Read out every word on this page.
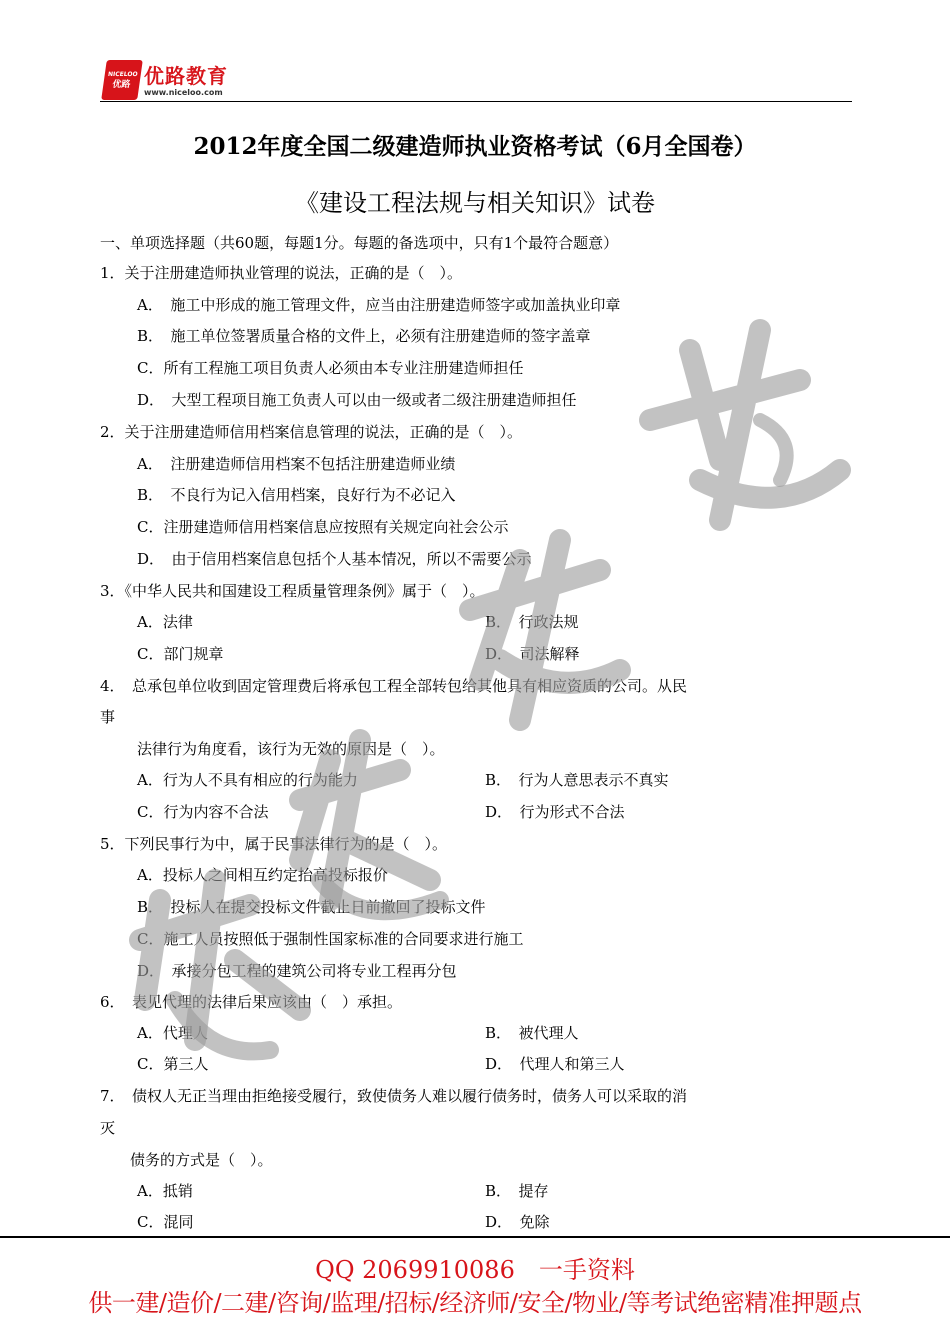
NICELOO
优路 优路教育
www.niceloo.com
2012年度全国二级建造师执业资格考试（6月全国卷）
《建设工程法规与相关知识》试卷
一、单项选择题（共60题，每题1分。每题的备选项中，只有1个最符合题意）
1．关于注册建造师执业管理的说法，正确的是（　）。
A．　施工中形成的施工管理文件，应当由注册建造师签字或加盖执业印章
B．　施工单位签署质量合格的文件上，必须有注册建造师的签字盖章
C．所有工程施工项目负责人必须由本专业注册建造师担任
D．　大型工程项目施工负责人可以由一级或者二级注册建造师担任
2．关于注册建造师信用档案信息管理的说法，正确的是（　）。
A．　注册建造师信用档案不包括注册建造师业绩
B．　不良行为记入信用档案，良好行为不必记入
C．注册建造师信用档案信息应按照有关规定向社会公示
D．　由于信用档案信息包括个人基本情况，所以不需要公示
3．《中华人民共和国建设工程质量管理条例》属于（　）。
A．法律	B．　行政法规
C．部门规章	D．　司法解释
4．　总承包单位收到固定管理费后将承包工程全部转包给其他具有相应资质的公司。从民
事
法律行为角度看，该行为无效的原因是（　）。
A．行为人不具有相应的行为能力	B．　行为人意思表示不真实
C．行为内容不合法	D．　行为形式不合法
5．下列民事行为中，属于民事法律行为的是（　）。
A．投标人之间相互约定抬高投标报价
B．　投标人在提交投标文件截止日前撤回了投标文件
C．施工人员按照低于强制性国家标准的合同要求进行施工
D．　承接分包工程的建筑公司将专业工程再分包
6．　表见代理的法律后果应该由（　）承担。
A．代理人	B．　被代理人
C．第三人	D．　代理人和第三人
7．　债权人无正当理由拒绝接受履行，致使债务人难以履行债务时，债务人可以采取的消
灭
债务的方式是（　）。
A．抵销	B．　提存
C．混同	D．　免除
QQ 2069910086　一手资料
供一建/造价/二建/咨询/监理/招标/经济师/安全/物业/等考试绝密精准押题点
